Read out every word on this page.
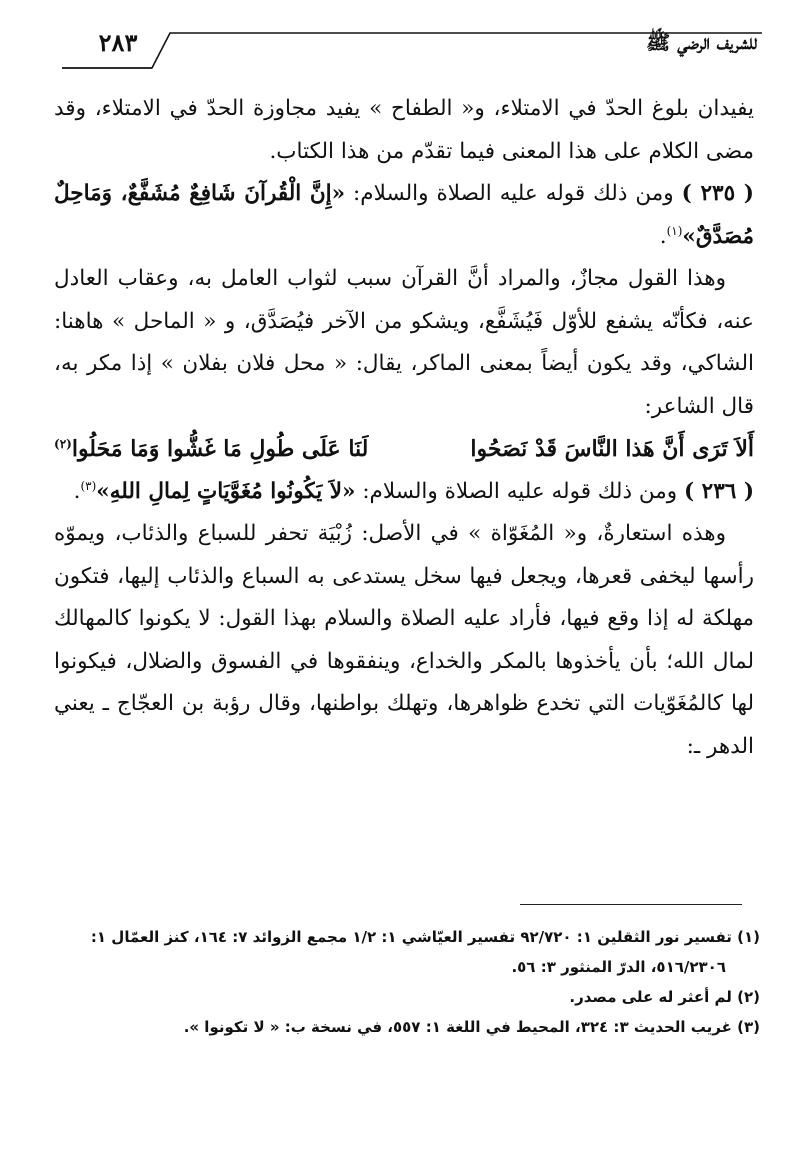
٢٨٣	للشريف الرضي ﷺ

يفيدان بلوغ الحدّ في الامتلاء، و« الطفاح » يفيد مجاوزة الحدّ في الامتلاء، وقد مضى الكلام على هذا المعنى فيما تقدّم من هذا الكتاب.

( ٢٣٥ ) ومن ذلك قوله عليه الصلاة والسلام: «إِنَّ الْقُرآنَ شَافِعٌ مُشَفَّعٌ، وَمَاحِلٌ مُصَدَّقٌ»$^{(١)}$.

وهذا القول مجازٌ، والمراد أنَّ القرآن سبب لثواب العامل به، وعقاب العادل عنه، فكأنّه يشفع للأوّل فَيُشَفَّع، ويشكو من الآخر فيُصَدَّق، و « الماحل » هاهنا: الشاكي، وقد يكون أيضاً بمعنى الماكر، يقال: « محل فلان بفلان » إذا مكر به، قال الشاعر:

أَلاَ تَرَى أَنَّ هَذا النَّاسَ قَدْ نَصَحُوا
لَنَا عَلَى طُولِ مَا غَشُّوا وَمَا مَحَلُوا(٢)

( ٢٣٦ ) ومن ذلك قوله عليه الصلاة والسلام: «لاَ يَكُونُوا مُغَوَّيَاتٍ لِمالِ اللهِ»$^{(٣)}$.

وهذه استعارةٌ، و« المُغَوّاة » في الأصل: زُبْيَة تحفر للسباع والذئاب، ويموّه رأسها ليخفى قعرها، ويجعل فيها سخل يستدعى به السباع والذئاب إليها، فتكون مهلكة له إذا وقع فيها، فأراد عليه الصلاة والسلام بهذا القول: لا يكونوا كالمهالك لمال الله؛ بأن يأخذوها بالمكر والخداع، وينفقوها في الفسوق والضلال، فيكونوا لها كالمُغَوّيات التي تخدع ظواهرها، وتهلك بواطنها، وقال رؤبة بن العجّاج ـ يعني الدهر ـ:

(١) تفسير نور الثقلين ١: ٩٢/٧٢٠ تفسير العيّاشي ١: ١/٢ مجمع الزوائد ٧: ١٦٤، كنز العمّال ١:

٥١٦/٢٣٠٦، الدرّ المنثور ٣: ٥٦.

(٢) لم أعثر له على مصدر.

(٣) غريب الحديث ٣: ٣٢٤، المحيط في اللغة ١: ٥٥٧، في نسخة ب: « لا تكونوا ».
